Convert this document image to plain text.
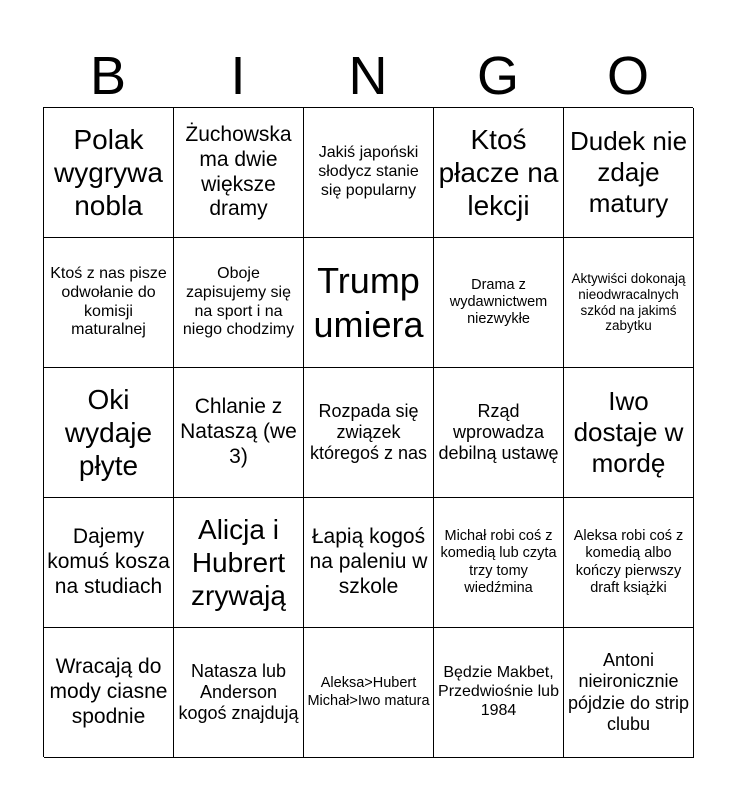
B	I	N	G	O
Polak wygrywa nobla
Żuchowska ma dwie większe dramy
Jakiś japoński słodycz stanie się popularny
Ktoś płacze na lekcji
Dudek nie zdaje matury
Ktoś z nas pisze odwołanie do komisji maturalnej
Oboje zapisujemy się na sport i na niego chodzimy
Trump umiera
Drama z wydawnictwem niezwykłe
Aktywiści dokonają nieodwracalnych szkód na jakimś zabytku
Oki wydaje płyte
Chlanie z Nataszą (we 3)
Rozpada się związek któregoś z nas
Rząd wprowadza debilną ustawę
Iwo dostaje w mordę
Dajemy komuś kosza na studiach
Alicja i Hubrert zrywają
Łapią kogoś na paleniu w szkole
Michał robi coś z komedią lub czyta trzy tomy wiedźmina
Aleksa robi coś z komedią albo kończy pierwszy draft książki
Wracają do mody ciasne spodnie
Natasza lub Anderson kogoś znajdują
Aleksa>Hubert Michał>Iwo matura
Będzie Makbet, Przedwiośnie lub 1984
Antoni nieironicznie pójdzie do strip clubu
